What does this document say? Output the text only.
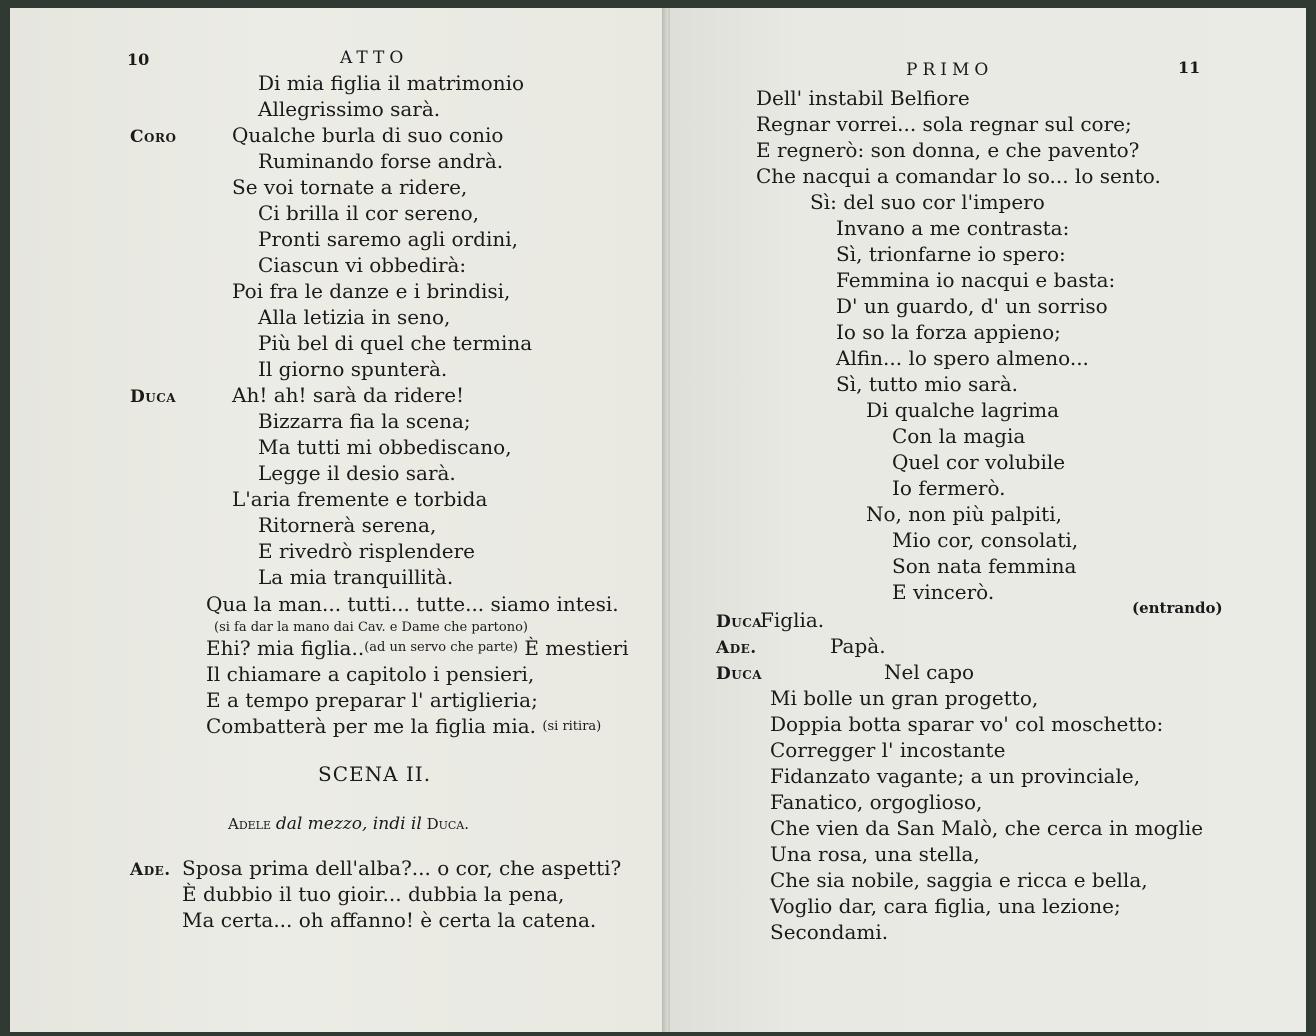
10	ATTO
Di mia figlia il matrimonio
Allegrissimo sarà.
Coro	Qualche burla di suo conio
Ruminando forse andrà.
Se voi tornate a ridere,
Ci brilla il cor sereno,
Pronti saremo agli ordini,
Ciascun vi obbedirà:
Poi fra le danze e i brindisi,
Alla letizia in seno,
Più bel di quel che termina
Il giorno spunterà.
Duca	Ah! ah! sarà da ridere!
Bizzarra fia la scena;
Ma tutti mi obbediscano,
Legge il desio sarà.
L'aria fremente e torbida
Ritornerà serena,
E rivedrò risplendere
La mia tranquillità.
Qua la man... tutti... tutte... siamo intesi.
(si fa dar la mano dai Cav. e Dame che partono)
Ehi? mia figlia..$^{(ad un servo che parte)}$ È mestieri
Il chiamare a capitolo i pensieri,
E a tempo preparar l' artiglieria;
Combatterà per me la figlia mia. (si ritira)
SCENA II.
Adele dal mezzo, indi il Duca.
Ade. Sposa prima dell'alba?... o cor, che aspetti?
È dubbio il tuo gioir... dubbia la pena,
Ma certa... oh affanno! è certa la catena.
PRIMO	11
Dell' instabil Belfiore
Regnar vorrei... sola regnar sul core;
E regnerò: son donna, e che pavento?
Che nacqui a comandar lo so... lo sento.
Sì: del suo cor l'impero
Invano a me contrasta:
Sì, trionfarne io spero:
Femmina io nacqui e basta:
D' un guardo, d' un sorriso
Io so la forza appieno;
Alfin... lo spero almeno...
Sì, tutto mio sarà.
Di qualche lagrima
Con la magia
Quel cor volubile
Io fermerò.
No, non più palpiti,
Mio cor, consolati,
Son nata femmina
E vincerò.
Duca
Figlia.	(entrando)
Ade.	Papà.
Duca	Nel capo
Mi bolle un gran progetto,
Doppia botta sparar vo' col moschetto:
Corregger l' incostante
Fidanzato vagante; a un provinciale,
Fanatico, orgoglioso,
Che vien da San Malò, che cerca in moglie
Una rosa, una stella,
Che sia nobile, saggia e ricca e bella,
Voglio dar, cara figlia, una lezione;
Secondami.
